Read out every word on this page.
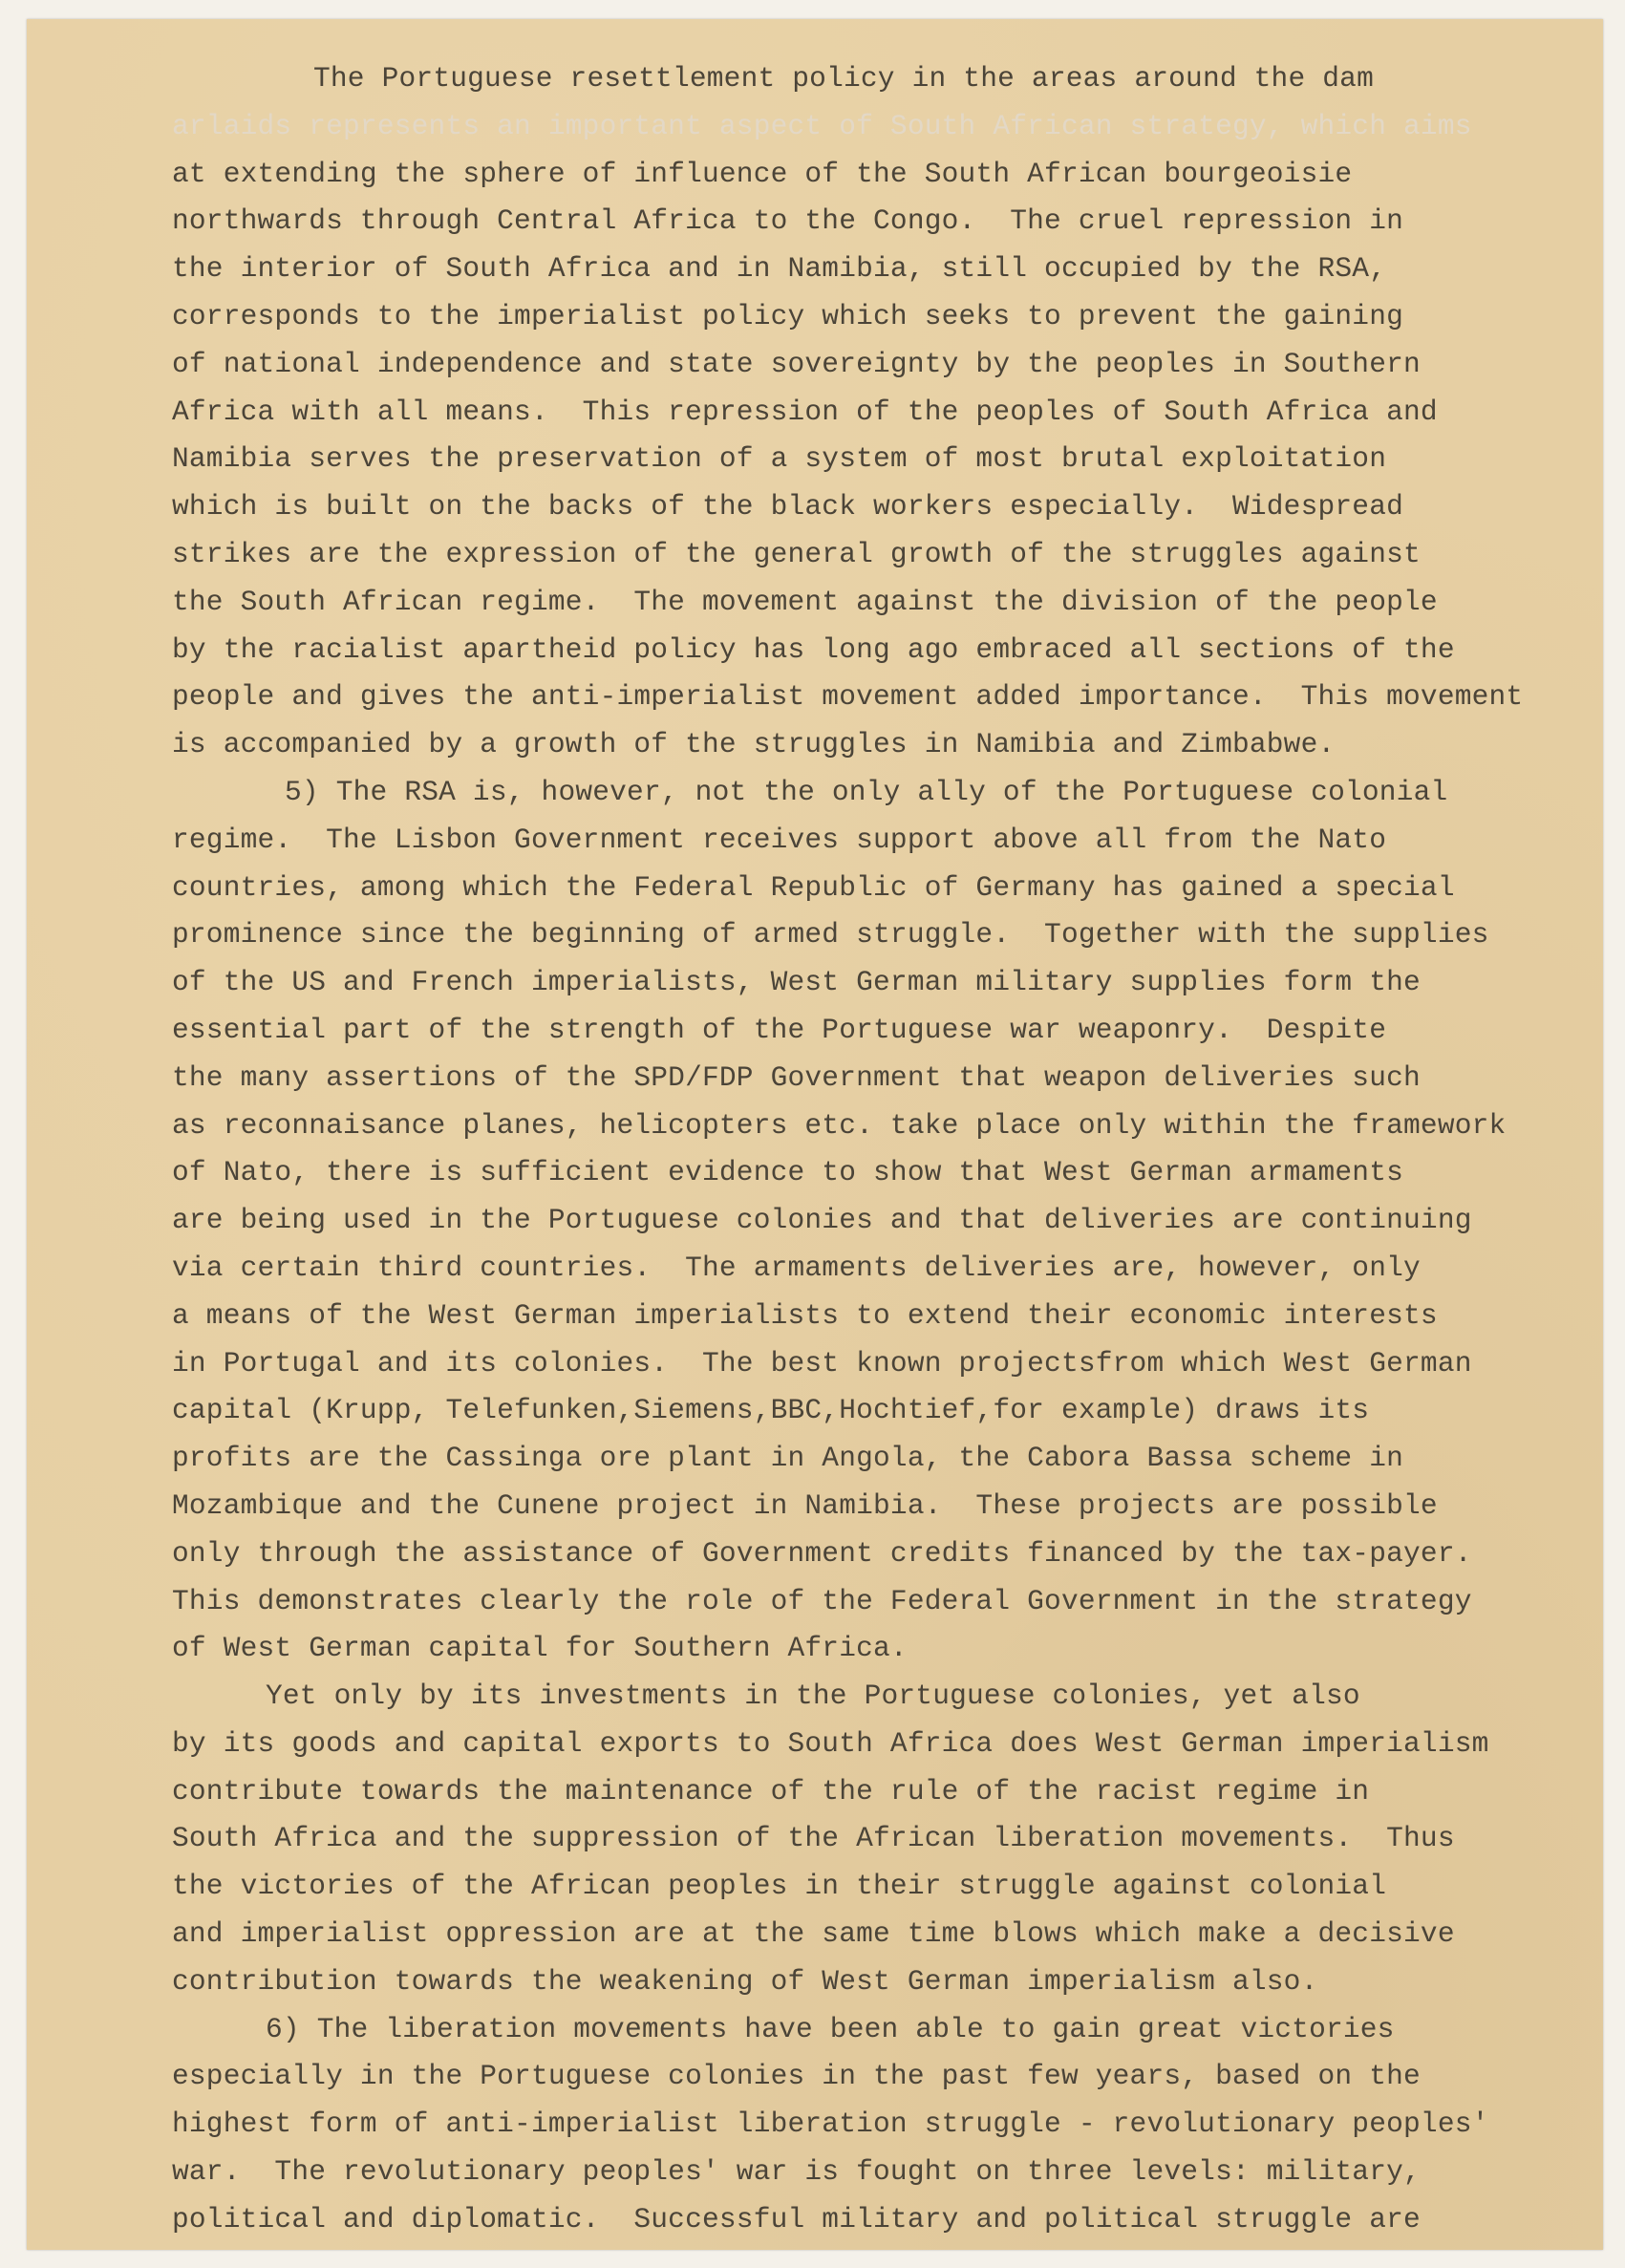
The Portuguese resettlement policy in the areas around the dam
arlaids represents an important aspect of South African strategy, which aims
at extending the sphere of influence of the South African bourgeoisie
northwards through Central Africa to the Congo.  The cruel repression in
the interior of South Africa and in Namibia, still occupied by the RSA,
corresponds to the imperialist policy which seeks to prevent the gaining
of national independence and state sovereignty by the peoples in Southern
Africa with all means.  This repression of the peoples of South Africa and
Namibia serves the preservation of a system of most brutal exploitation
which is built on the backs of the black workers especially.  Widespread
strikes are the expression of the general growth of the struggles against
the South African regime.  The movement against the division of the people
by the racialist apartheid policy has long ago embraced all sections of the
people and gives the anti-imperialist movement added importance.  This movement
is accompanied by a growth of the struggles in Namibia and Zimbabwe.
5) The RSA is, however, not the only ally of the Portuguese colonial
regime.  The Lisbon Government receives support above all from the Nato
countries, among which the Federal Republic of Germany has gained a special
prominence since the beginning of armed struggle.  Together with the supplies
of the US and French imperialists, West German military supplies form the
essential part of the strength of the Portuguese war weaponry.  Despite
the many assertions of the SPD/FDP Government that weapon deliveries such
as reconnaisance planes, helicopters etc. take place only within the framework
of Nato, there is sufficient evidence to show that West German armaments
are being used in the Portuguese colonies and that deliveries are continuing
via certain third countries.  The armaments deliveries are, however, only
a means of the West German imperialists to extend their economic interests
in Portugal and its colonies.  The best known projectsfrom which West German
capital (Krupp, Telefunken,Siemens,BBC,Hochtief,for example) draws its
profits are the Cassinga ore plant in Angola, the Cabora Bassa scheme in
Mozambique and the Cunene project in Namibia.  These projects are possible
only through the assistance of Government credits financed by the tax-payer.
This demonstrates clearly the role of the Federal Government in the strategy
of West German capital for Southern Africa.
Yet only by its investments in the Portuguese colonies, yet also
by its goods and capital exports to South Africa does West German imperialism
contribute towards the maintenance of the rule of the racist regime in
South Africa and the suppression of the African liberation movements.  Thus
the victories of the African peoples in their struggle against colonial
and imperialist oppression are at the same time blows which make a decisive
contribution towards the weakening of West German imperialism also.
6) The liberation movements have been able to gain great victories
especially in the Portuguese colonies in the past few years, based on the
highest form of anti-imperialist liberation struggle - revolutionary peoples'
war.  The revolutionary peoples' war is fought on three levels: military,
political and diplomatic.  Successful military and political struggle are
